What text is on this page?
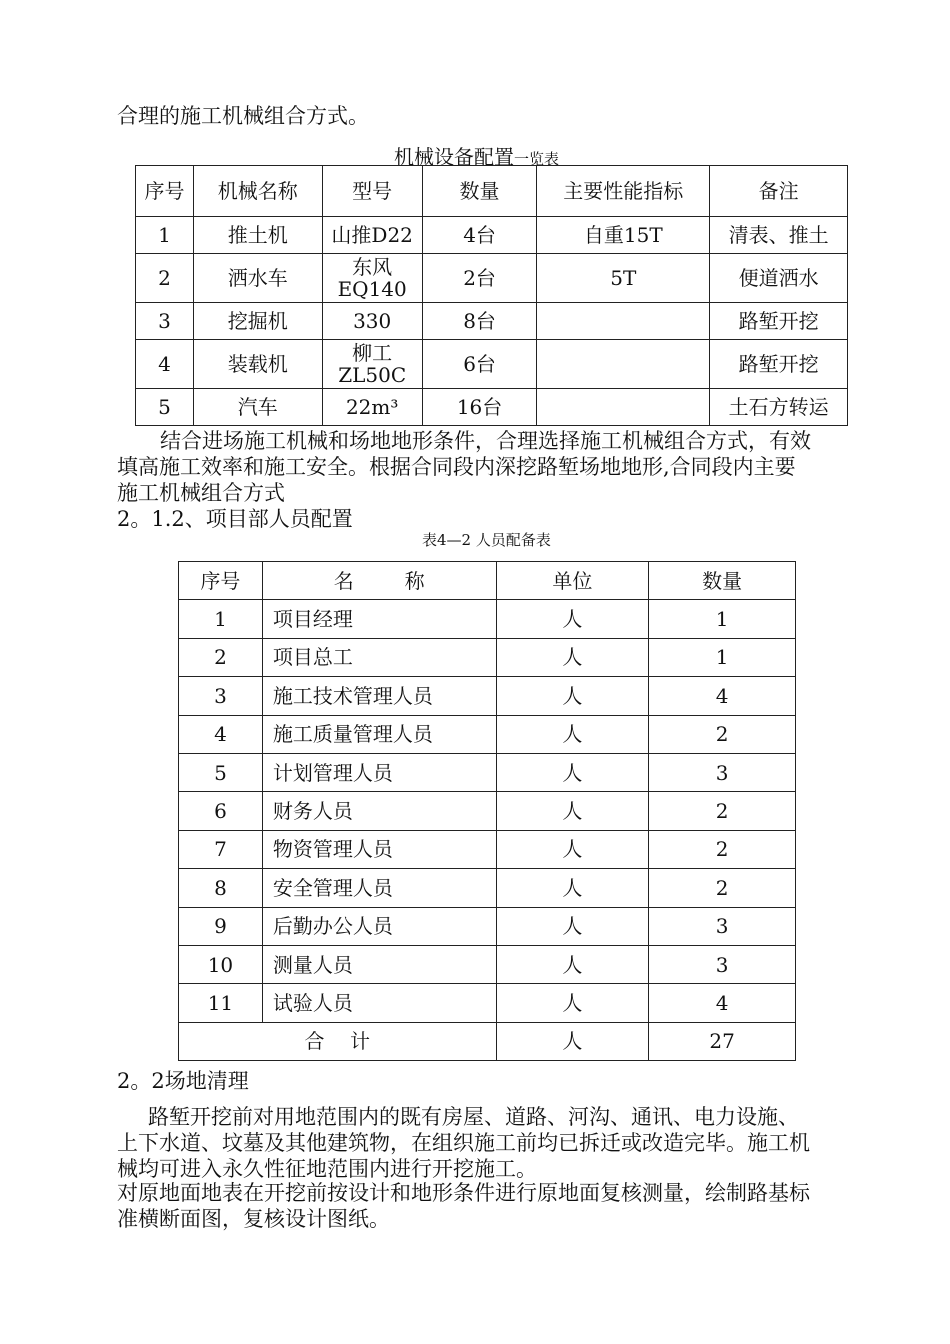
合理的施工机械组合方式。
机械设备配置一览表
序号	机械名称	型号	数量	主要性能指标	备注
1	推土机	山推D22	4台	自重15T	清表、推土
2	洒水车	东风EQ140	2台	5T	便道洒水
3	挖掘机	330	8台		路堑开挖
4	装载机	柳工ZL50C	6台		路堑开挖
5	汽车	22m³	16台		土石方转运
结合进场施工机械和场地地形条件，合理选择施工机械组合方式，有效
填高施工效率和施工安全。根据合同段内深挖路堑场地地形,合同段内主要
施工机械组合方式
2。1.2、项目部人员配置
表4—2 人员配备表
序号	名        称	单位	数量
1	项目经理	人	1
2	项目总工	人	1
3	施工技术管理人员	人	4
4	施工质量管理人员	人	2
5	计划管理人员	人	3
6	财务人员	人	2
7	物资管理人员	人	2
8	安全管理人员	人	2
9	后勤办公人员	人	3
10	测量人员	人	3
11	试验人员	人	4
合    计		人	27
2。2场地清理
路堑开挖前对用地范围内的既有房屋、道路、河沟、通讯、电力设施、
上下水道、坟墓及其他建筑物，在组织施工前均已拆迁或改造完毕。施工机
械均可进入永久性征地范围内进行开挖施工。
对原地面地表在开挖前按设计和地形条件进行原地面复核测量，绘制路基标
准横断面图，复核设计图纸。
